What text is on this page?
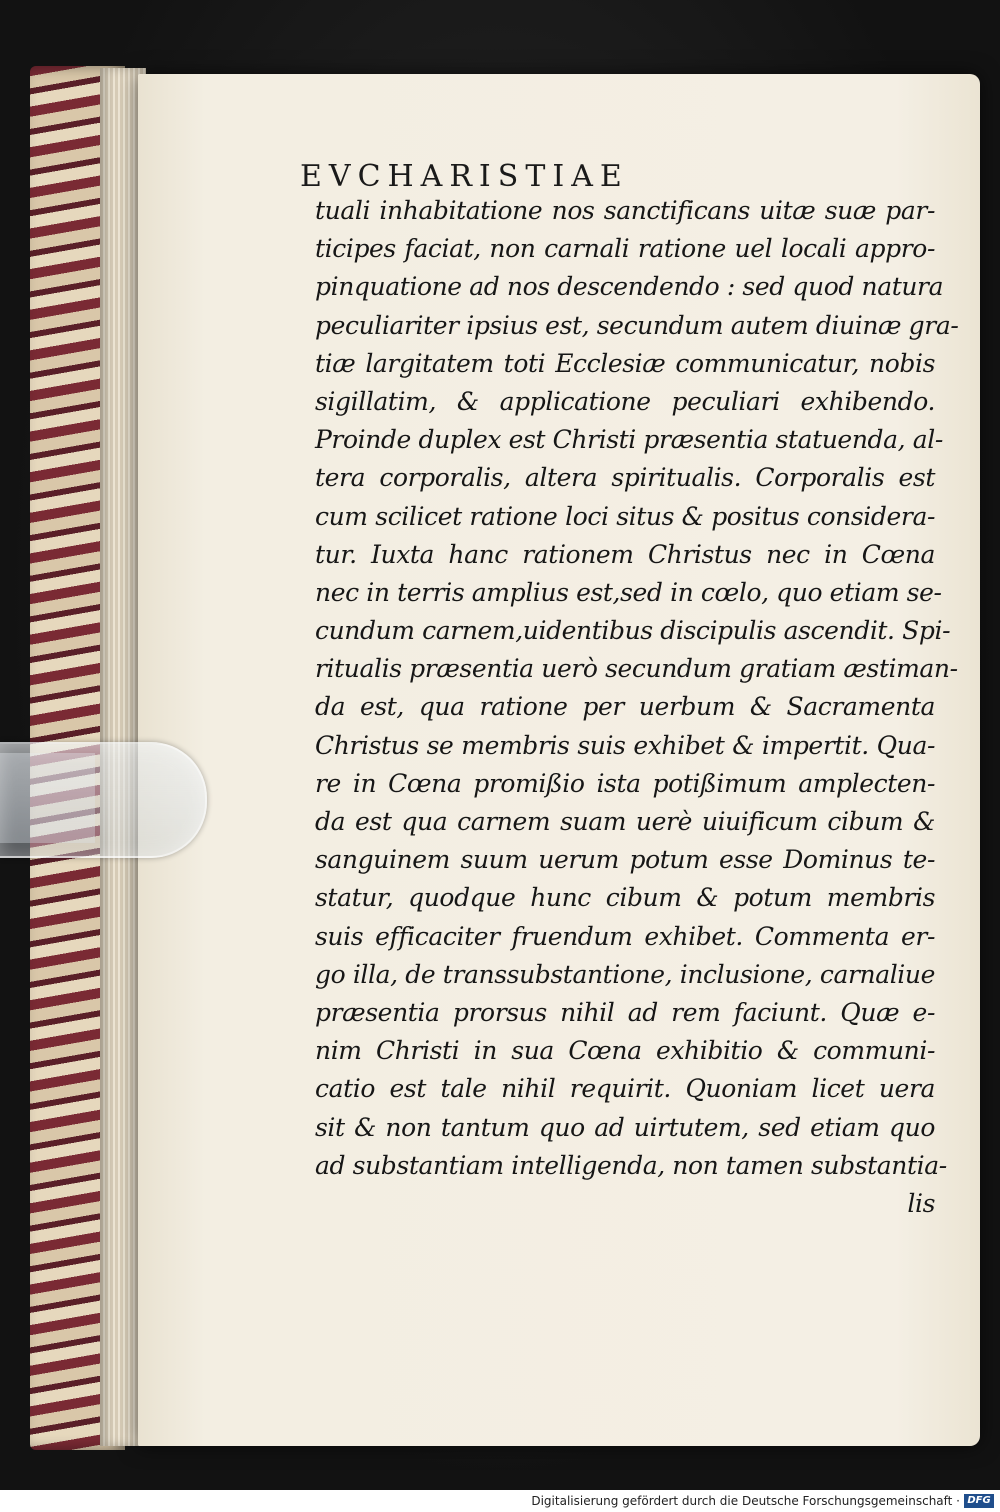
EVCHARISTIAE
tuali inhabitatione nos sanctificans uitæ suæ par-
ticipes faciat, non carnali ratione uel locali appro-
pinquatione ad nos descendendo : sed quod natura
peculiariter ipsius est, secundum autem diuinæ gra-
tiæ largitatem toti Ecclesiæ communicatur, nobis
sigillatim, & applicatione peculiari exhibendo.
Proinde duplex est Christi præsentia statuenda, al-
tera corporalis, altera spiritualis. Corporalis est
cum scilicet ratione loci situs & positus considera-
tur. Iuxta hanc rationem Christus nec in Cœna
nec in terris amplius est,sed in cœlo, quo etiam se-
cundum carnem,uidentibus discipulis ascendit. Spi-
ritualis præsentia uerò secundum gratiam æstiman-
da est, qua ratione per uerbum & Sacramenta
Christus se membris suis exhibet & impertit. Qua-
re in Cœna promißio ista potißimum amplecten-
da est qua carnem suam uerè uiuificum cibum &
sanguinem suum uerum potum esse Dominus te-
statur, quodque hunc cibum & potum membris
suis efficaciter fruendum exhibet. Commenta er-
go illa, de transsubstantione, inclusione, carnaliue
præsentia prorsus nihil ad rem faciunt. Quæ e-
nim Christi in sua Cœna exhibitio & communi-
catio est tale nihil requirit. Quoniam licet uera
sit & non tantum quo ad uirtutem, sed etiam quo
ad substantiam intelligenda, non tamen substantia-
lis
Digitalisierung gefördert durch die Deutsche Forschungsgemeinschaft · DFG
